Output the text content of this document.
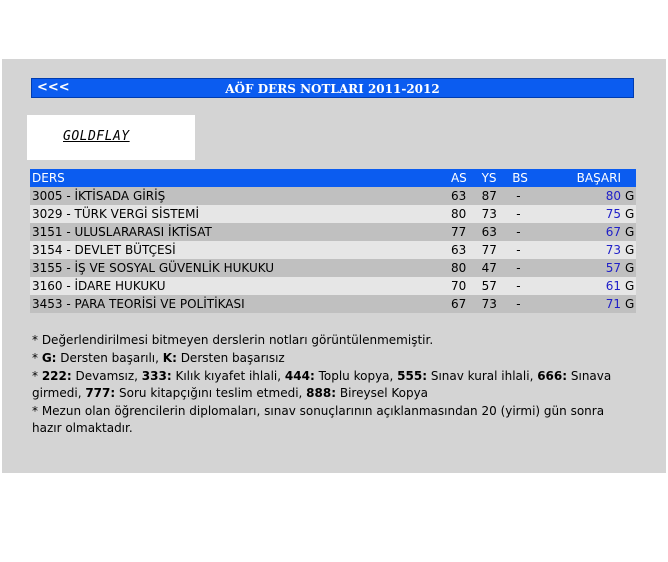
<<<	AÖF DERS NOTLARI 2011-2012
GOLDFLAY
DERS	AS	YS	BS	BAŞARI	
3005 - İKTİSADA GİRİŞ	63	87	-	80	G
3029 - TÜRK VERGİ SİSTEMİ	80	73	-	75	G
3151 - ULUSLARARASI İKTİSAT	77	63	-	67	G
3154 - DEVLET BÜTÇESİ	63	77	-	73	G
3155 - İŞ VE SOSYAL GÜVENLİK HUKUKU	80	47	-	57	G
3160 - İDARE HUKUKU	70	57	-	61	G
3453 - PARA TEORİSİ VE POLİTİKASI	67	73	-	71	G

* Değerlendirilmesi bitmeyen derslerin notları görüntülenmemiştir.

* G: Dersten başarılı, K: Dersten başarısız

* 222: Devamsız, 333: Kılık kıyafet ihlali, 444: Toplu kopya, 555: Sınav kural ihlali, 666: Sınava girmedi, 777: Soru kitapçığını teslim etmedi, 888: Bireysel Kopya

* Mezun olan öğrencilerin diplomaları, sınav sonuçlarının açıklanmasından 20 (yirmi) gün sonra hazır olmaktadır.
